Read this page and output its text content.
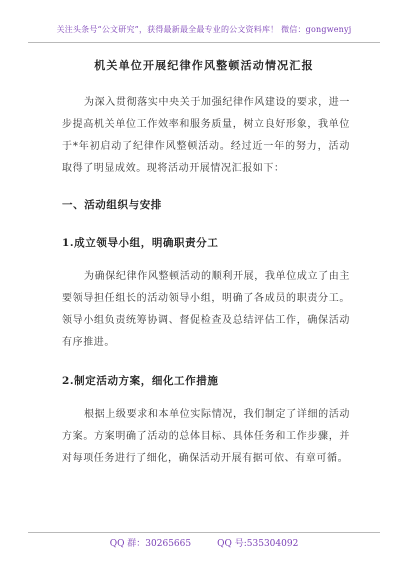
关注头条号“公文研究”，获得最新最全最专业的公文资料库！ 微信：gongwenyj
机关单位开展纪律作风整顿活动情况汇报
为深入贯彻落实中央关于加强纪律作风建设的要求，进一步提高机关单位工作效率和服务质量，树立良好形象，我单位于*年初启动了纪律作风整顿活动。经过近一年的努力，活动取得了明显成效。现将活动开展情况汇报如下：
一、活动组织与安排
1.成立领导小组，明确职责分工
为确保纪律作风整顿活动的顺利开展，我单位成立了由主要领导担任组长的活动领导小组，明确了各成员的职责分工。领导小组负责统筹协调、督促检查及总结评估工作，确保活动有序推进。
2.制定活动方案，细化工作措施
根据上级要求和本单位实际情况，我们制定了详细的活动方案。方案明确了活动的总体目标、具体任务和工作步骤，并对每项任务进行了细化，确保活动开展有据可依、有章可循。
QQ 群：30265665	QQ 号:535304092
